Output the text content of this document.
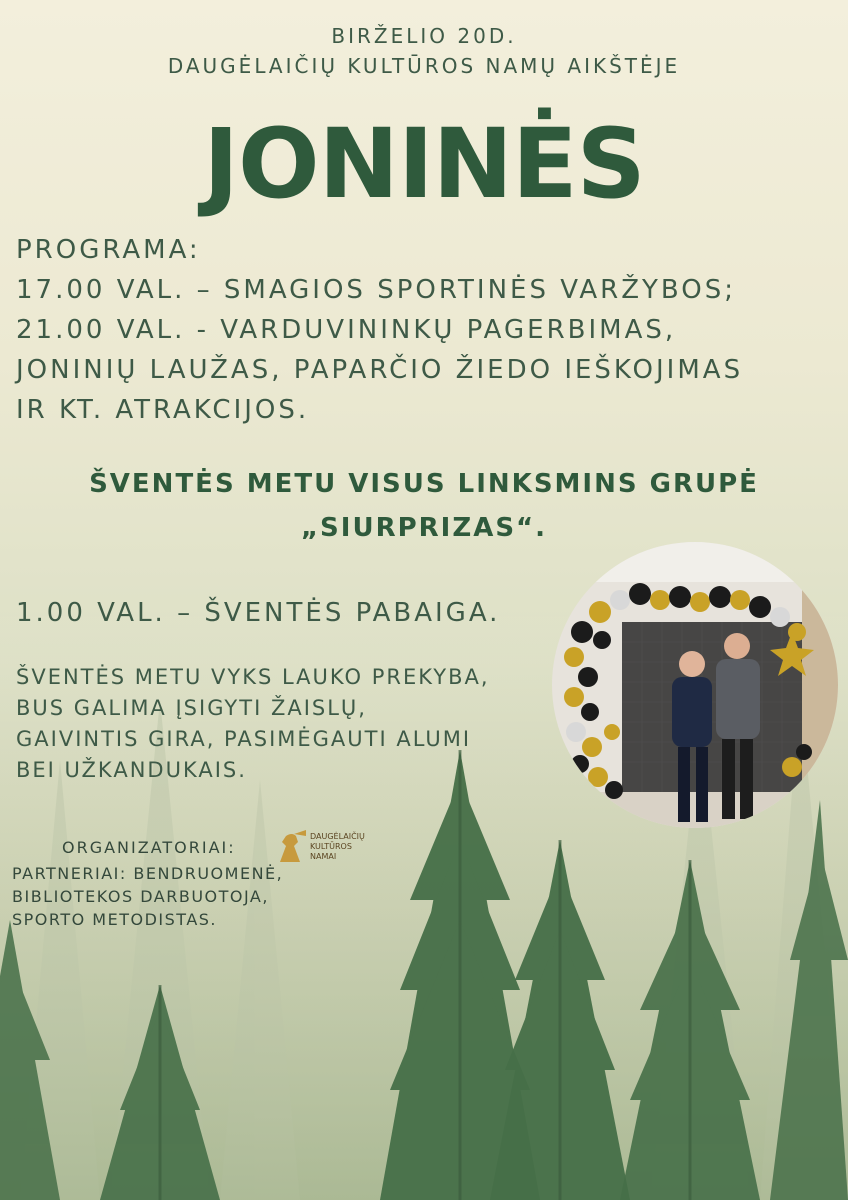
BIRŽELIO 20D.
DAUGĖLAIČIŲ KULTŪROS NAMŲ AIKŠTĖJE
JONINĖS
PROGRAMA:
17.00 VAL. – SMAGIOS SPORTINĖS VARŽYBOS;
21.00 VAL. - VARDUVININKŲ PAGERBIMAS,
JONINIŲ LAUŽAS, PAPARČIO ŽIEDO IEŠKOJIMAS
IR KT. ATRAKCIJOS.
ŠVENTĖS METU VISUS LINKSMINS GRUPĖ
„SIURPRIZAS“.
1.00 VAL. – ŠVENTĖS PABAIGA.
ŠVENTĖS METU VYKS LAUKO PREKYBA,
BUS GALIMA ĮSIGYTI ŽAISLŲ,
GAIVINTIS GIRA, PASIMĖGAUTI ALUMI
BEI UŽKANDUKAIS.
ORGANIZATORIAI:
DAUGĖLAIČIŲ
KULTŪROS
NAMAI
PARTNERIAI: BENDRUOMENĖ,
BIBLIOTEKOS DARBUOTOJA,
SPORTO METODISTAS.
